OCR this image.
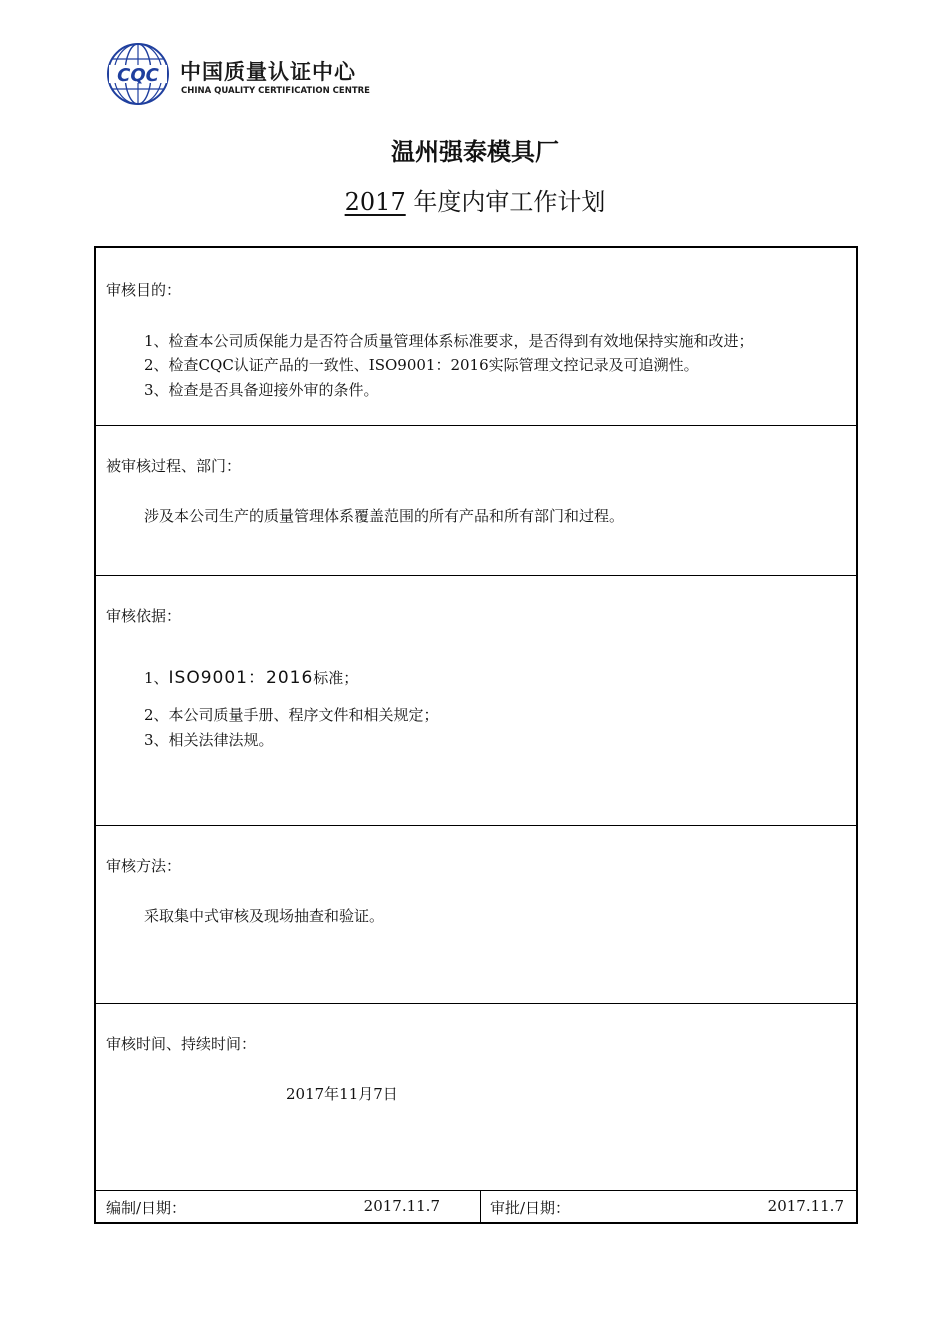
CQC 中国质量认证中心
CHINA QUALITY CERTIFICATION CENTRE
温州强泰模具厂
2017 年度内审工作计划
审核目的：
1、检查本公司质保能力是否符合质量管理体系标准要求，是否得到有效地保持实施和改进；
2、检查CQC认证产品的一致性、ISO9001：2016实际管理文控记录及可追溯性。
3、检查是否具备迎接外审的条件。
被审核过程、部门：
涉及本公司生产的质量管理体系覆盖范围的所有产品和所有部门和过程。
审核依据：
1、ISO9001：2016标准；
2、本公司质量手册、程序文件和相关规定；
3、相关法律法规。
审核方法：
采取集中式审核及现场抽查和验证。
审核时间、持续时间：
2017年11月7日
编制/日期：	2017.11.7	审批/日期：	2017.11.7
